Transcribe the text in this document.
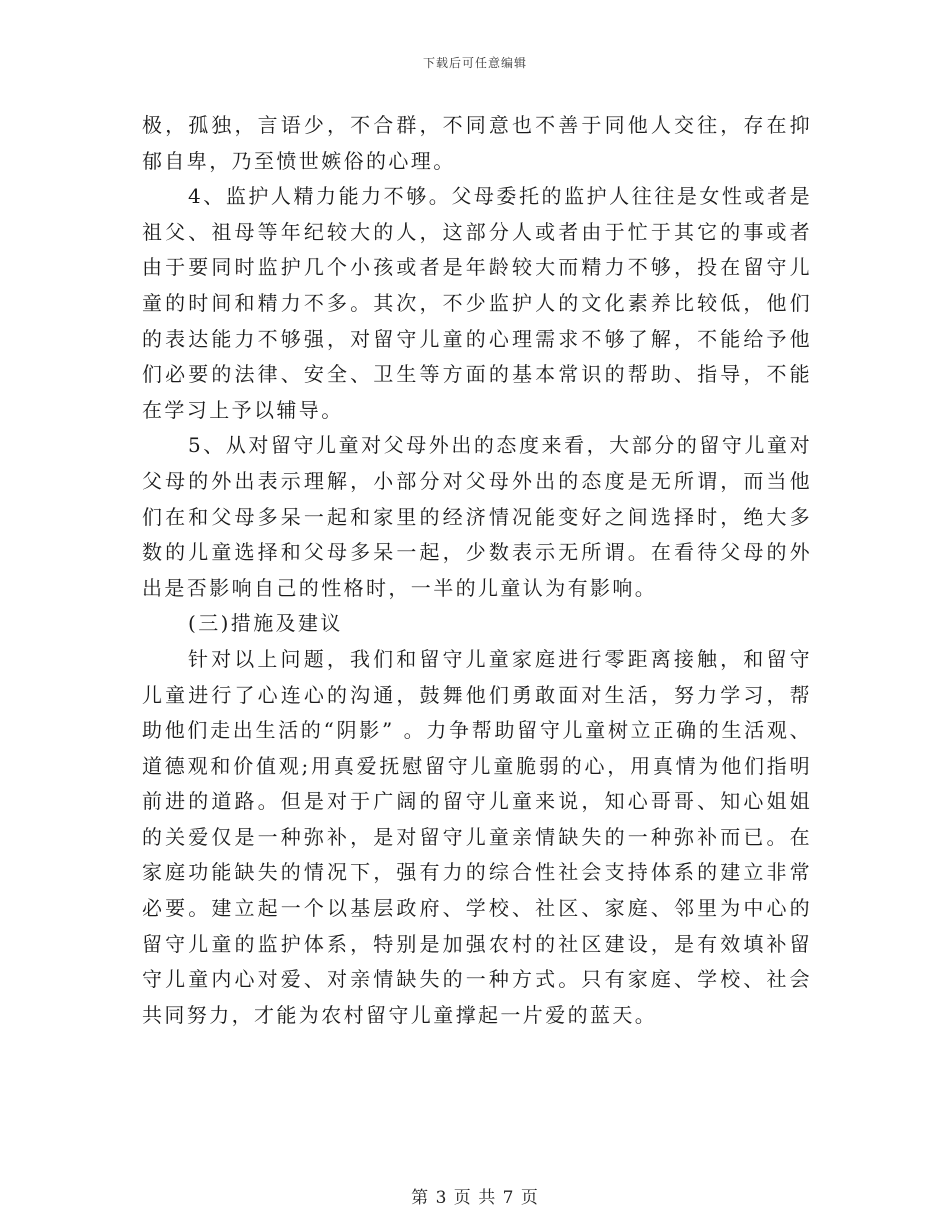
下载后可任意编辑

极，孤独，言语少，不合群，不同意也不善于同他人交往，存在抑郁自卑，乃至愤世嫉俗的心理。

4、监护人精力能力不够。父母委托的监护人往往是女性或者是祖父、祖母等年纪较大的人，这部分人或者由于忙于其它的事或者由于要同时监护几个小孩或者是年龄较大而精力不够，投在留守儿童的时间和精力不多。其次，不少监护人的文化素养比较低，他们的表达能力不够强，对留守儿童的心理需求不够了解，不能给予他们必要的法律、安全、卫生等方面的基本常识的帮助、指导，不能在学习上予以辅导。

5、从对留守儿童对父母外出的态度来看，大部分的留守儿童对父母的外出表示理解，小部分对父母外出的态度是无所谓，而当他们在和父母多呆一起和家里的经济情况能变好之间选择时，绝大多数的儿童选择和父母多呆一起，少数表示无所谓。在看待父母的外出是否影响自己的性格时，一半的儿童认为有影响。

(三)措施及建议

针对以上问题，我们和留守儿童家庭进行零距离接触，和留守儿童进行了心连心的沟通，鼓舞他们勇敢面对生活，努力学习，帮助他们走出生活的“阴影” 。力争帮助留守儿童树立正确的生活观、道德观和价值观;用真爱抚慰留守儿童脆弱的心，用真情为他们指明前进的道路。但是对于广阔的留守儿童来说，知心哥哥、知心姐姐的关爱仅是一种弥补，是对留守儿童亲情缺失的一种弥补而已。在家庭功能缺失的情况下，强有力的综合性社会支持体系的建立非常必要。建立起一个以基层政府、学校、社区、家庭、邻里为中心的留守儿童的监护体系，特别是加强农村的社区建设，是有效填补留守儿童内心对爱、对亲情缺失的一种方式。只有家庭、学校、社会共同努力，才能为农村留守儿童撑起一片爱的蓝天。

第 3 页 共 7 页
